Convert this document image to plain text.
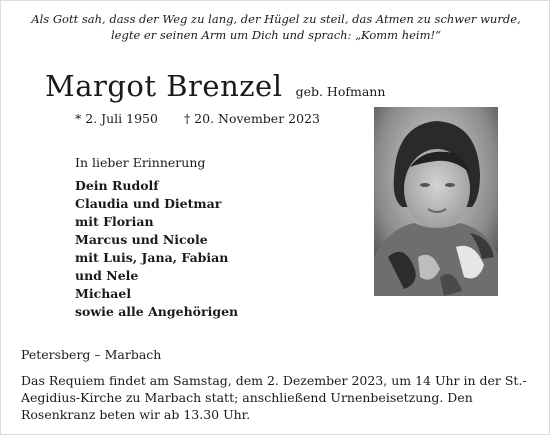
Als Gott sah, dass der Weg zu lang, der Hügel zu steil, das Atmen zu schwer wurde,
legte er seinen Arm um Dich und sprach: „Komm heim!“
Margot Brenzel geb. Hofmann
* 2. Juli 1950 † 20. November 2023
In lieber Erinnerung
Dein Rudolf
Claudia und Dietmar
mit Florian
Marcus und Nicole
mit Luis, Jana, Fabian
und Nele
Michael
sowie alle Angehörigen
Petersberg – Marbach
Das Requiem findet am Samstag, dem 2. Dezember 2023, um 14 Uhr in der St.-Aegidius-Kirche zu Marbach statt; anschließend Urnenbeisetzung. Den Rosenkranz beten wir ab 13.30 Uhr.
